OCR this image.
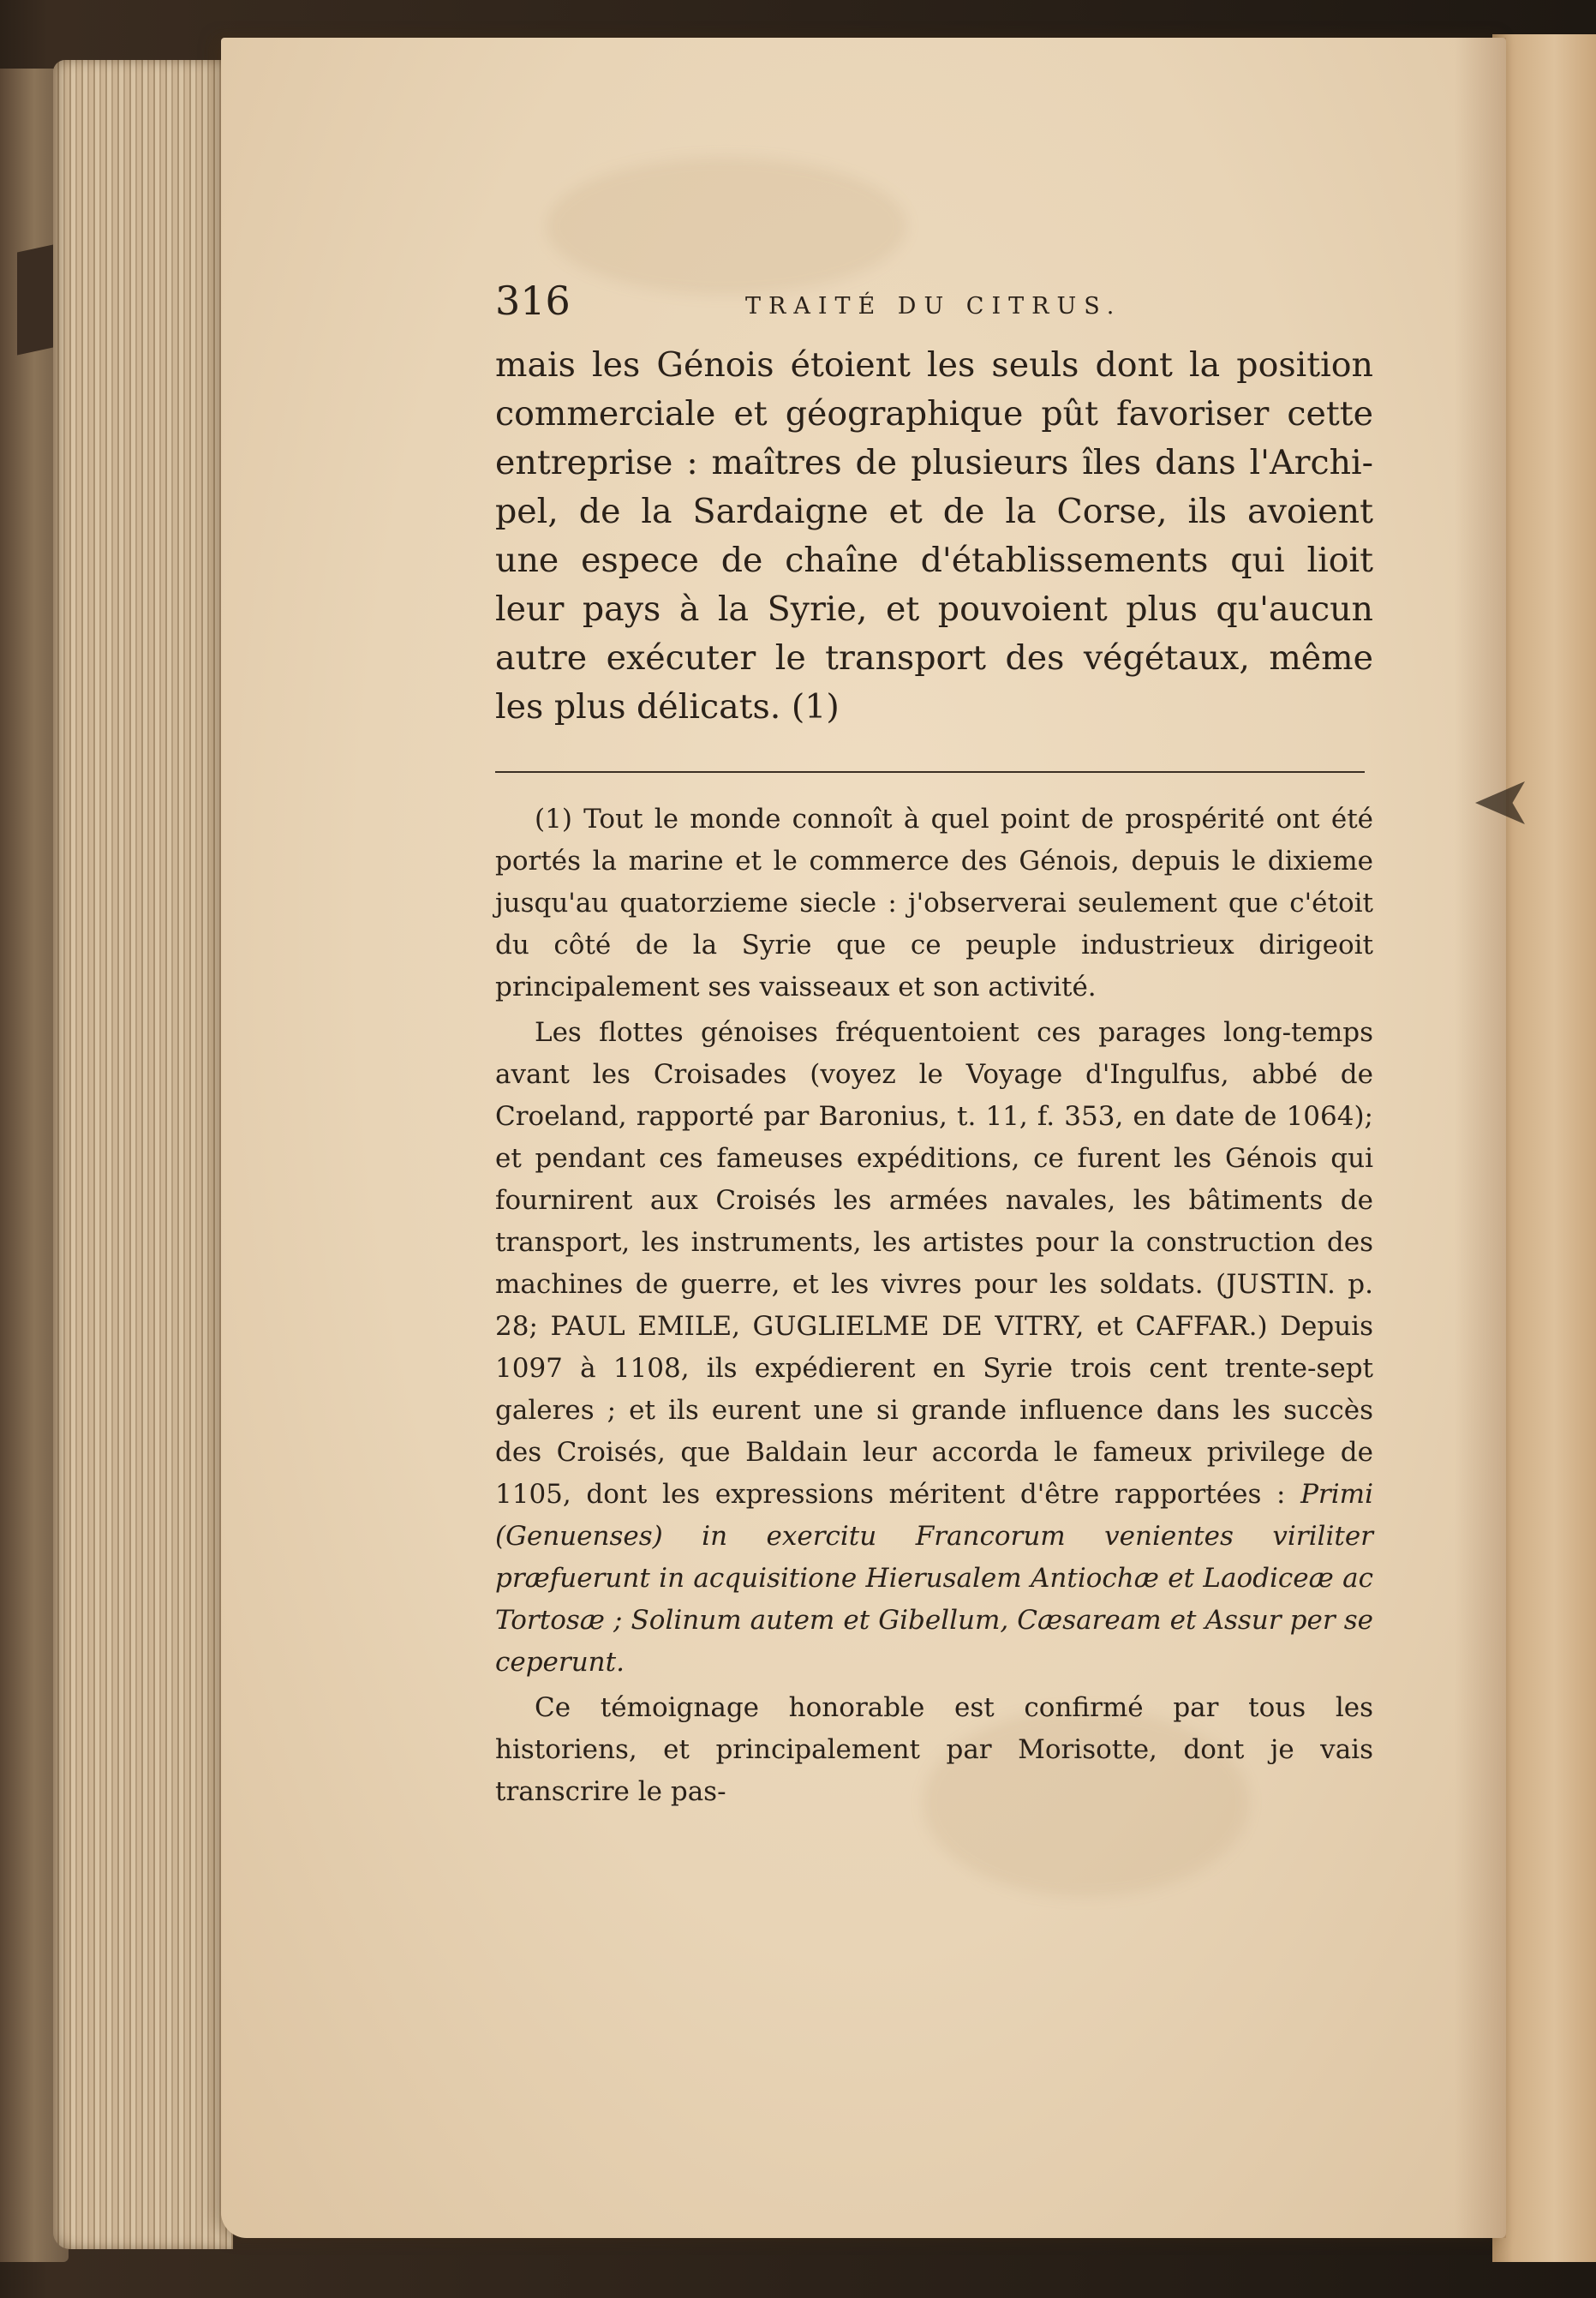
316	TRAITÉ DU CITRUS.
mais les Génois étoient les seuls dont la position
commerciale et géographique pût favoriser cette
entreprise : maîtres de plusieurs îles dans l'Archi-
pel, de la Sardaigne et de la Corse, ils avoient
une espece de chaîne d'établissements qui lioit
leur pays à la Syrie, et pouvoient plus qu'aucun
autre exécuter le transport des végétaux, même
les plus délicats. (1)

(1) Tout le monde connoît à quel point de prospérité ont été portés la marine et le commerce des Génois, depuis le dixieme jusqu'au quatorzieme siecle : j'observerai seulement que c'étoit du côté de la Syrie que ce peuple industrieux dirigeoit principalement ses vaisseaux et son activité.

Les flottes génoises fréquentoient ces parages long-temps avant les Croisades (voyez le Voyage d'Ingulfus, abbé de Croeland, rapporté par Baronius, t. 11, f. 353, en date de 1064); et pendant ces fameuses expéditions, ce furent les Génois qui fournirent aux Croisés les armées navales, les bâtiments de transport, les instruments, les artistes pour la construction des machines de guerre, et les vivres pour les soldats. (JUSTIN. p. 28; PAUL EMILE, GUGLIELME DE VITRY, et CAFFAR.) Depuis 1097 à 1108, ils expédierent en Syrie trois cent trente-sept galeres ; et ils eurent une si grande influence dans les succès des Croisés, que Baldain leur accorda le fameux privilege de 1105, dont les expressions méritent d'être rapportées : Primi (Genuenses) in exercitu Francorum venientes viriliter præfuerunt in acquisitione Hierusalem Antiochæ et Laodiceæ ac Tortosæ ; Solinum autem et Gibellum, Cæsaream et Assur per se ceperunt.

Ce témoignage honorable est confirmé par tous les historiens, et principalement par Morisotte, dont je vais transcrire le pas-
